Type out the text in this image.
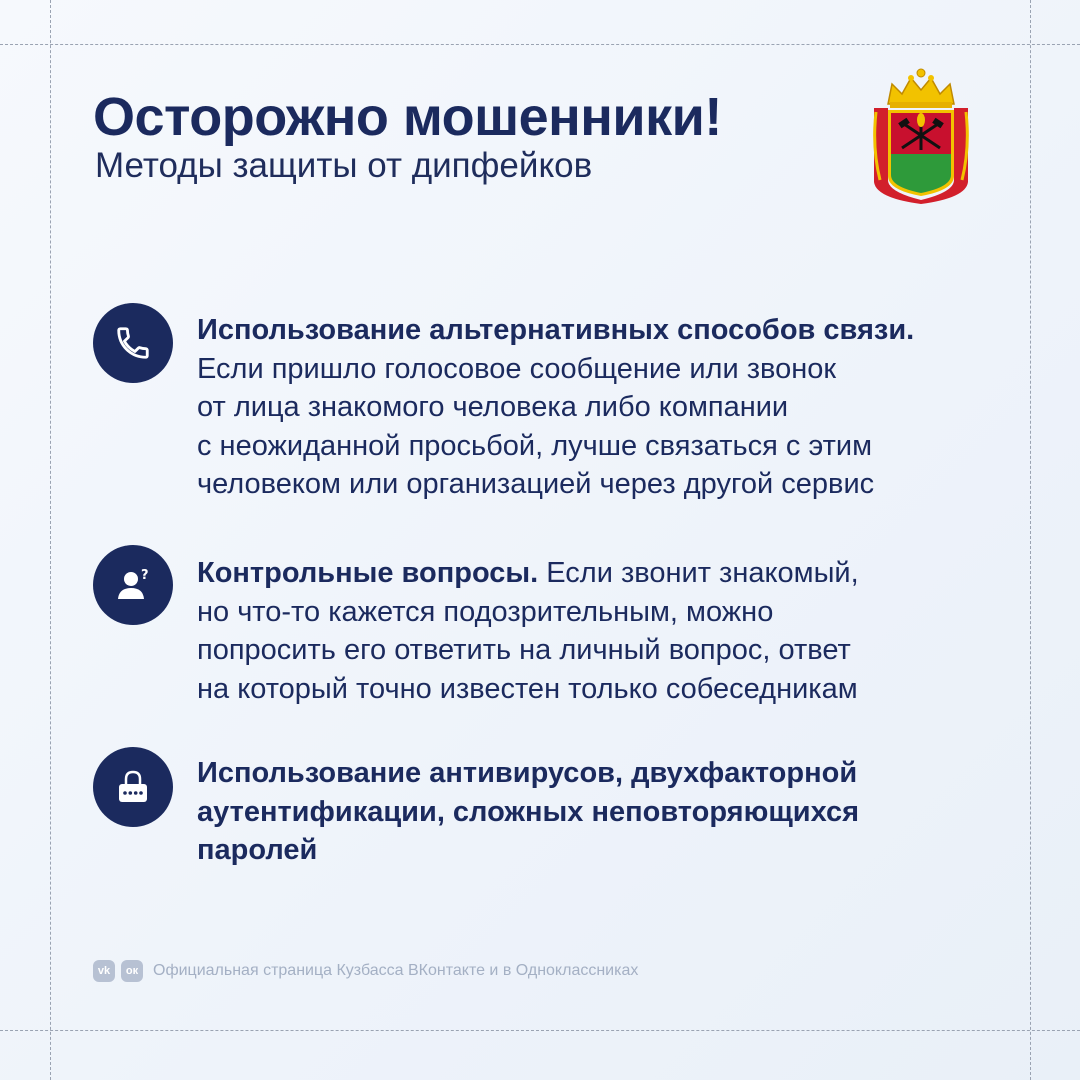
Осторожно мошенники!
Методы защиты от дипфейков
Использование альтернативных способов связи.
Если пришло голосовое сообщение или звонок
от лица знакомого человека либо компании
с неожиданной просьбой, лучше связаться с этим
человеком или организацией через другой сервис
? Контрольные вопросы. Если звонит знакомый,
но что-то кажется подозрительным, можно
попросить его ответить на личный вопрос, ответ
на который точно известен только собеседникам
Использование антивирусов, двухфакторной
аутентификации, сложных неповторяющихся
паролей
vk	ок Официальная страница Кузбасса ВКонтакте и в Одноклассниках
